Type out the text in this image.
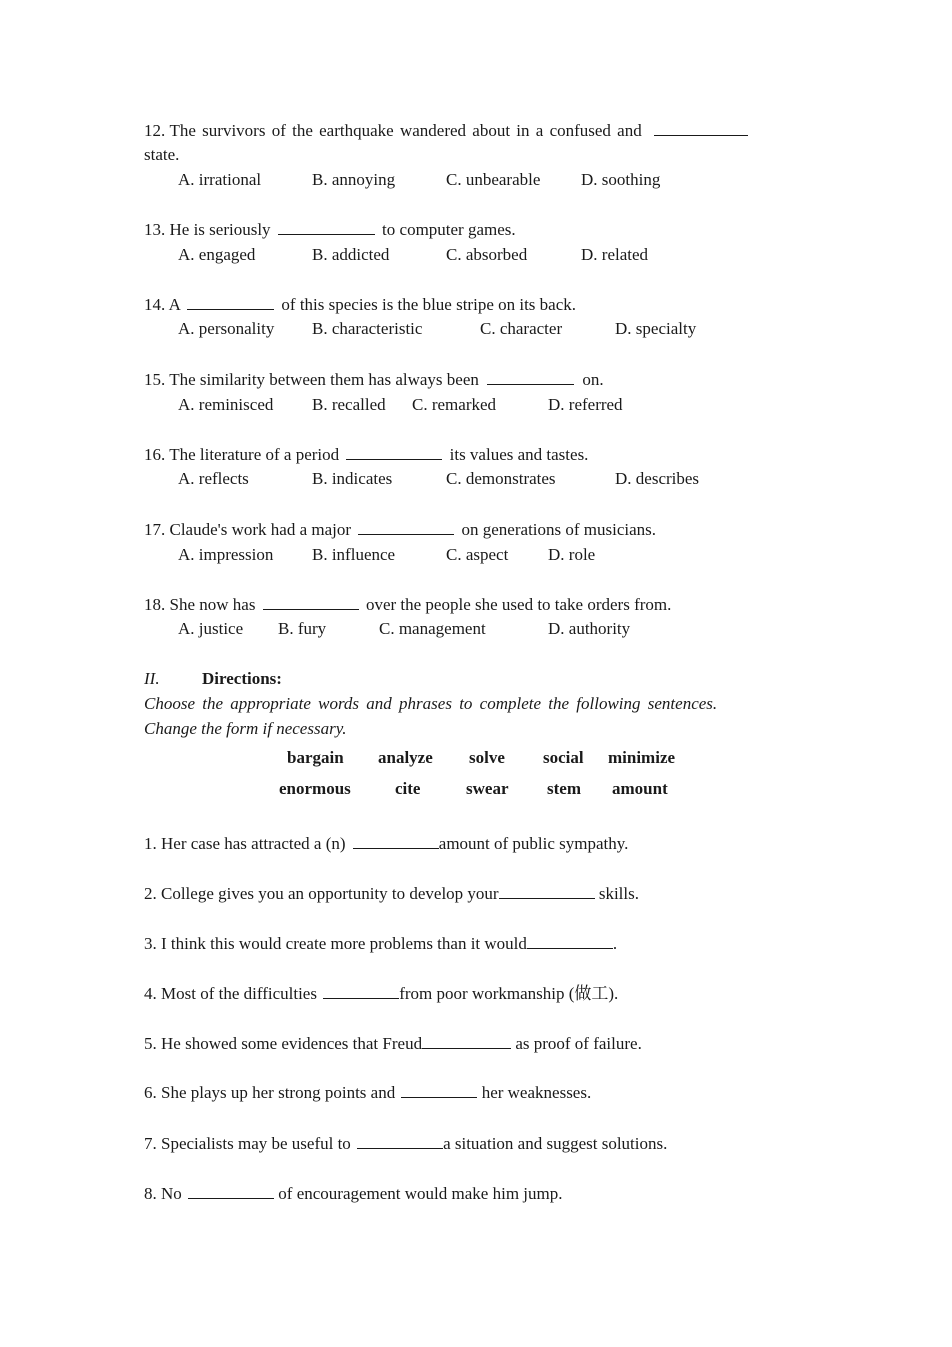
12. The survivors of the earthquake wandered about in a confused and
state.
A. irrational	B. annoying	C. unbearable D. soothing
13. He is seriously	to computer games.
A. engaged	B. addicted	C. absorbed	D. related
14. A	of this species is the blue stripe on its back.
A. personality B. characteristic	C. character	D. specialty
15. The similarity between them has always been	on.
A. reminisced B. recalled C. remarked	D. referred
16. The literature of a period	its values and tastes.
A. reflects	B. indicates	C. demonstrates	D. describes
17. Claude's work had a major	on generations of musicians.
A. impression B. influence	C. aspect D. role
18. She now has	over the people she used to take orders from.
A. justice B. fury	C. management	D. authority
II. Directions:
Choose the appropriate words and phrases to complete the following sentences.
Change the form if necessary.
bargain analyze solve social minimize
enormous	cite	swear stem amount
1. Her case has attracted a (n)	amount of public sympathy.
2. College gives you an opportunity to develop your	skills.
3. I think this would create more problems than it would	.
4. Most of the difficulties	from poor workmanship (做工).
5. He showed some evidences that Freud	as proof of failure.
6. She plays up her strong points and	her weaknesses.
7. Specialists may be useful to	a situation and suggest solutions.
8. No	of encouragement would make him jump.
